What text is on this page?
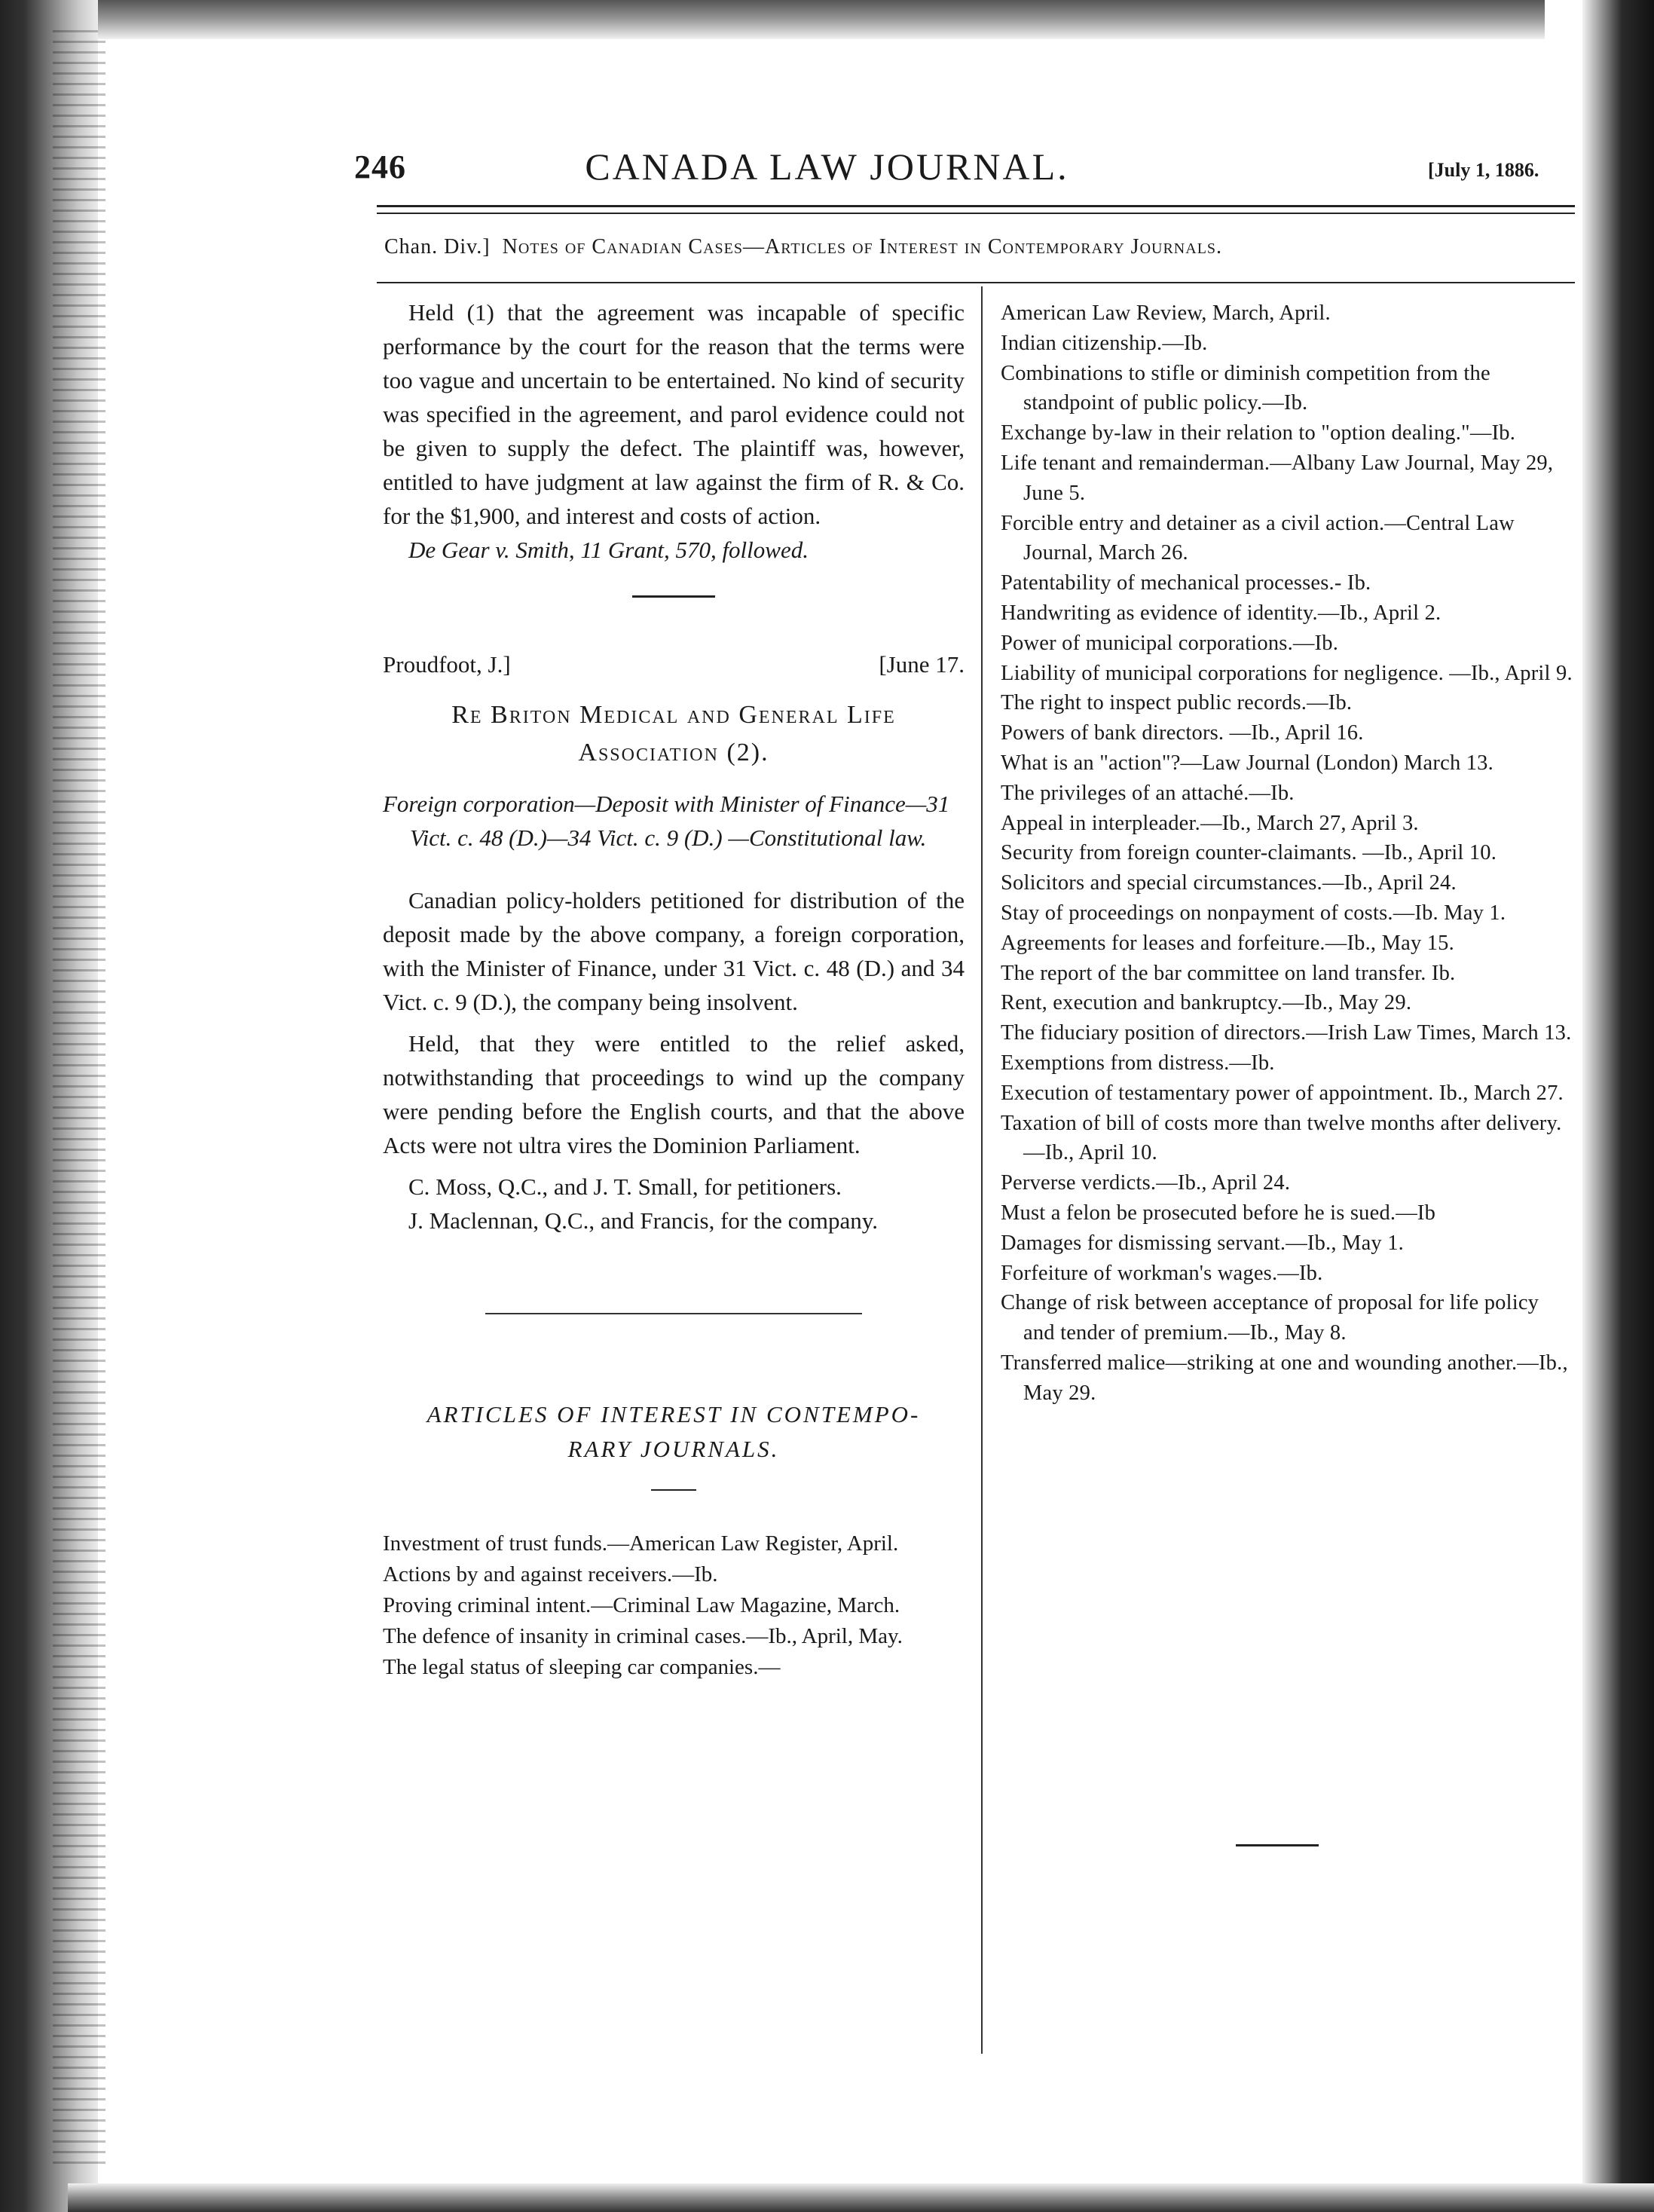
246	CANADA LAW JOURNAL.	[July 1, 1886.
Chan. Div.] Notes of Canadian Cases—Articles of Interest in Contemporary Journals.

Held (1) that the agreement was incapable of specific performance by the court for the reason that the terms were too vague and uncertain to be entertained. No kind of security was specified in the agreement, and parol evidence could not be given to supply the defect. The plaintiff was, however, entitled to have judgment at law against the firm of R. & Co. for the $1,900, and interest and costs of action.

De Gear v. Smith, 11 Grant, 570, followed.

Proudfoot, J.]	[June 17.
Re Briton Medical and General Life
Association (2).

Foreign corporation—Deposit with Minister of Finance—31 Vict. c. 48 (D.)—34 Vict. c. 9 (D.) —Constitutional law.

Canadian policy-holders petitioned for distribution of the deposit made by the above company, a foreign corporation, with the Minister of Finance, under 31 Vict. c. 48 (D.) and 34 Vict. c. 9 (D.), the company being insolvent.

Held, that they were entitled to the relief asked, notwithstanding that proceedings to wind up the company were pending before the English courts, and that the above Acts were not ultra vires the Dominion Parliament.

C. Moss, Q.C., and J. T. Small, for petitioners.

J. Maclennan, Q.C., and Francis, for the company.

ARTICLES OF INTEREST IN CONTEMPO-
RARY JOURNALS.

Investment of trust funds.—American Law Register, April.

Actions by and against receivers.—Ib.

Proving criminal intent.—Criminal Law Magazine, March.

The defence of insanity in criminal cases.—Ib., April, May.

The legal status of sleeping car companies.—

American Law Review, March, April.

Indian citizenship.—Ib.

Combinations to stifle or diminish competition from the standpoint of public policy.—Ib.

Exchange by-law in their relation to "option dealing."—Ib.

Life tenant and remainderman.—Albany Law Journal, May 29, June 5.

Forcible entry and detainer as a civil action.—Central Law Journal, March 26.

Patentability of mechanical processes.- Ib.

Handwriting as evidence of identity.—Ib., April 2.

Power of municipal corporations.—Ib.

Liability of municipal corporations for negligence. —Ib., April 9.

The right to inspect public records.—Ib.

Powers of bank directors. —Ib., April 16.

What is an "action"?—Law Journal (London) March 13.

The privileges of an attaché.—Ib.

Appeal in interpleader.—Ib., March 27, April 3.

Security from foreign counter-claimants. —Ib., April 10.

Solicitors and special circumstances.—Ib., April 24.

Stay of proceedings on nonpayment of costs.—Ib. May 1.

Agreements for leases and forfeiture.—Ib., May 15.

The report of the bar committee on land transfer. Ib.

Rent, execution and bankruptcy.—Ib., May 29.

The fiduciary position of directors.—Irish Law Times, March 13.

Exemptions from distress.—Ib.

Execution of testamentary power of appointment. Ib., March 27.

Taxation of bill of costs more than twelve months after delivery.—Ib., April 10.

Perverse verdicts.—Ib., April 24.

Must a felon be prosecuted before he is sued.—Ib

Damages for dismissing servant.—Ib., May 1.

Forfeiture of workman's wages.—Ib.

Change of risk between acceptance of proposal for life policy and tender of premium.—Ib., May 8.

Transferred malice—striking at one and wounding another.—Ib., May 29.
